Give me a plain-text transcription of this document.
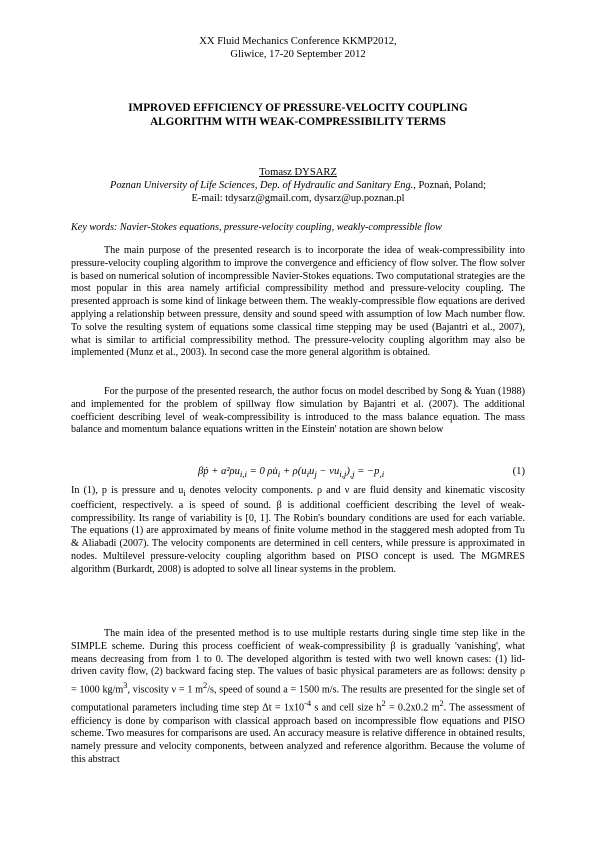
XX Fluid Mechanics Conference KKMP2012,
Gliwice, 17-20 September 2012
IMPROVED EFFICIENCY OF PRESSURE-VELOCITY COUPLING
ALGORITHM WITH WEAK-COMPRESSIBILITY TERMS
Tomasz DYSARZ
Poznan University of Life Sciences, Dep. of Hydraulic and Sanitary Eng., Poznań, Poland;
E-mail: tdysarz@gmail.com, dysarz@up.poznan.pl
Key words: Navier-Stokes equations, pressure-velocity coupling, weakly-compressible flow

The main purpose of the presented research is to incorporate the idea of weak-compressibility into pressure-velocity coupling algorithm to improve the convergence and efficiency of flow solver. The flow solver is based on numerical solution of incompressible Navier-Stokes equations. Two computational strategies are the most popular in this area namely artificial compressibility method and pressure-velocity coupling. The presented approach is some kind of linkage between them. The weakly-compressible flow equations are derived applying a relationship between pressure, density and sound speed with assumption of low Mach number flow. To solve the resulting system of equations some classical time stepping may be used (Bajantri et al., 2007), what is similar to artificial compressibility method. The pressure-velocity coupling algorithm may also be implemented (Munz et al., 2003). In second case the more general algorithm is obtained.

For the purpose of the presented research, the author focus on model described by Song & Yuan (1988) and implemented for the problem of spillway flow simulation by Bajantri et al. (2007). The additional coefficient describing level of weak-compressibility is introduced to the mass balance equation. The mass balance and momentum balance equations written in the Einstein' notation are shown below

βṗ + $a^2\rho u_{i,i} = 0$ $\rho u̇_i + \rho(u_iu_j - \nu u_{i,j})_{,j} = -p_{,i}$	(1)

In (1), p is pressure and $u_i$ denotes velocity components. ρ and ν are fluid density and kinematic viscosity coefficient, respectively. a is speed of sound. β is additional coefficient describing the level of weak-compressibility. Its range of variability is [0, 1]. The Robin's boundary conditions are used for each variable. The equations (1) are approximated by means of finite volume method in the staggered mesh adopted from Tu & Aliabadi (2007). The velocity components are determined in cell centers, while pressure is approximated in nodes. Multilevel pressure-velocity coupling algorithm based on PISO concept is used. The MGMRES algorithm (Burkardt, 2008) is adopted to solve all linear systems in the problem.

The main idea of the presented method is to use multiple restarts during single time step like in the SIMPLE scheme. During this process coefficient of weak-compressibility β is gradually 'vanishing', what means decreasing from from 1 to 0. The developed algorithm is tested with two well known cases: (1) lid-driven cavity flow, (2) backward facing step. The values of basic physical parameters are as follows: density ρ = 1000 $kg/m^3$, viscosity ν = 1 $m^2/s$, speed of sound a = 1500 m/s. The results are presented for the single set of computational parameters including time step $\Delta t = 1x10^{-4}$ s and cell size $h^2 = 0.2x0.2$ $m^2$. The assessment of efficiency is done by comparison with classical approach based on incompressible flow equations and PISO scheme. Two measures for comparisons are used. An accuracy measure is relative difference in obtained results, namely pressure and velocity components, between analyzed and reference algorithm. Because the volume of this abstract
